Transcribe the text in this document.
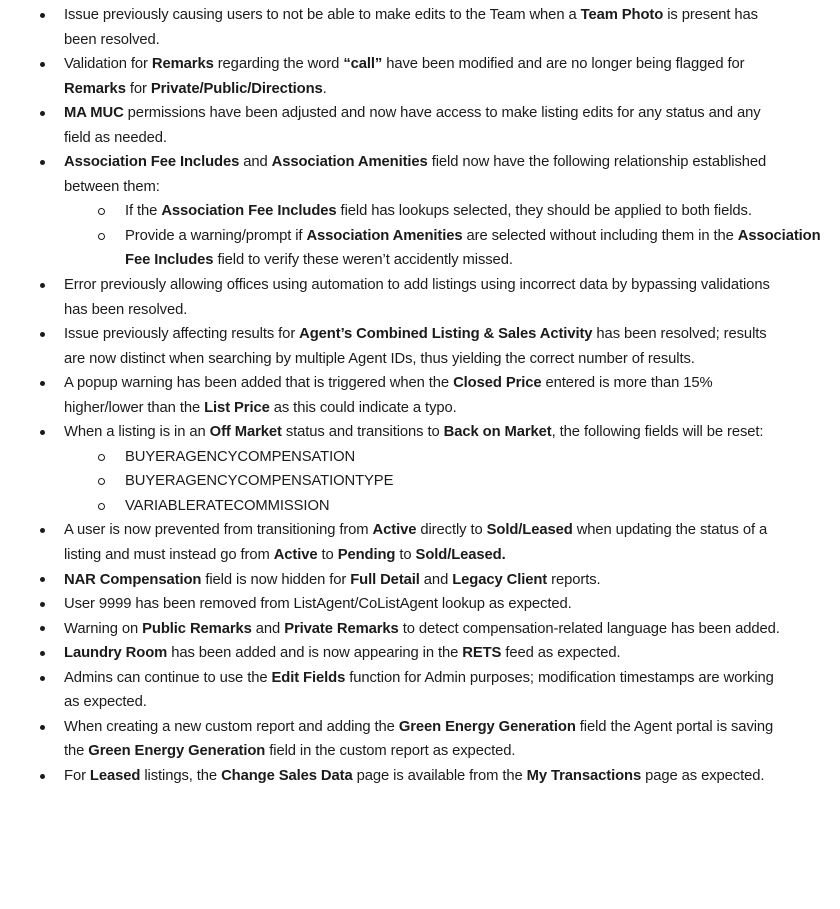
Issue previously causing users to not be able to make edits to the Team when a Team Photo is present has been resolved.
Validation for Remarks regarding the word “call” have been modified and are no longer being flagged for Remarks for Private/Public/Directions.
MA MUC permissions have been adjusted and now have access to make listing edits for any status and any field as needed.
Association Fee Includes and Association Amenities field now have the following relationship established between them:
If the Association Fee Includes field has lookups selected, they should be applied to both fields.
Provide a warning/prompt if Association Amenities are selected without including them in the Association Fee Includes field to verify these weren’t accidently missed.
Error previously allowing offices using automation to add listings using incorrect data by bypassing validations has been resolved.
Issue previously affecting results for Agent’s Combined Listing & Sales Activity has been resolved; results are now distinct when searching by multiple Agent IDs, thus yielding the correct number of results.
A popup warning has been added that is triggered when the Closed Price entered is more than 15% higher/lower than the List Price as this could indicate a typo.
When a listing is in an Off Market status and transitions to Back on Market, the following fields will be reset:
BUYERAGENCYCOMPENSATION
BUYERAGENCYCOMPENSATIONTYPE
VARIABLERATECOMMISSION
A user is now prevented from transitioning from Active directly to Sold/Leased when updating the status of a listing and must instead go from Active to Pending to Sold/Leased.
NAR Compensation field is now hidden for Full Detail and Legacy Client reports.
User 9999 has been removed from ListAgent/CoListAgent lookup as expected.
Warning on Public Remarks and Private Remarks to detect compensation-related language has been added.
Laundry Room has been added and is now appearing in the RETS feed as expected.
Admins can continue to use the Edit Fields function for Admin purposes; modification timestamps are working as expected.
When creating a new custom report and adding the Green Energy Generation field the Agent portal is saving the Green Energy Generation field in the custom report as expected.
For Leased listings, the Change Sales Data page is available from the My Transactions page as expected.
